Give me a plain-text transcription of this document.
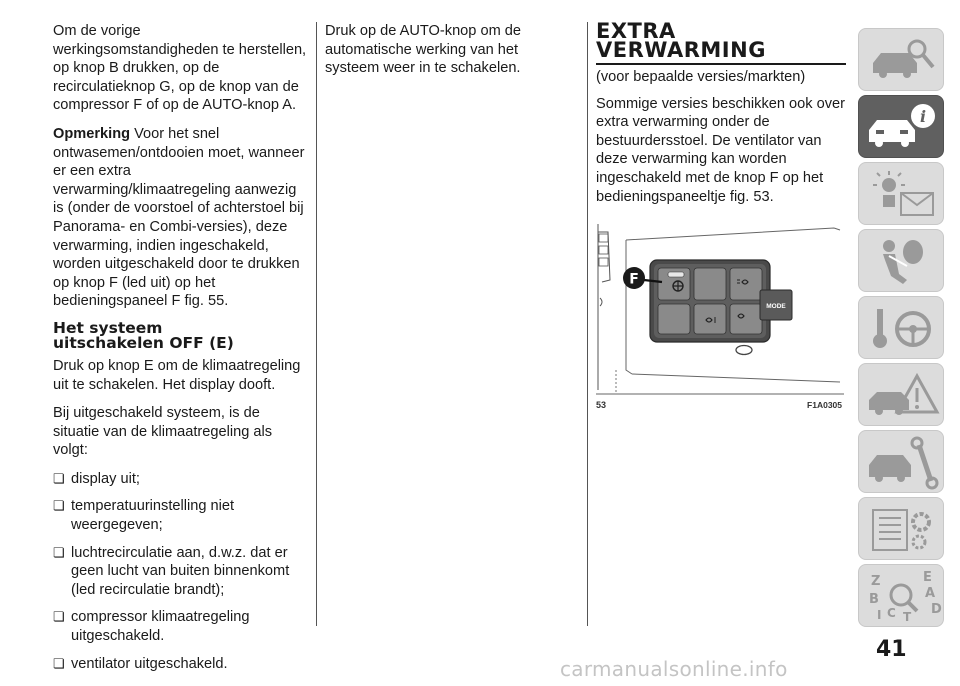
Om de vorige werkingsomstandigheden te herstellen, op knop B drukken, op de recirculatieknop G, op de knop van de compressor F of op de AUTO-knop A.

Opmerking Voor het snel ontwasemen/ontdooien moet, wanneer er een extra verwarming/klimaatregeling aanwezig is (onder de voorstoel of achterstoel bij Panorama- en Combi-versies), deze verwarming, indien ingeschakeld, worden uitgeschakeld door te drukken op knop F (led uit) op het bedieningspaneel F fig. 55.

Het systeem
uitschakelen OFF (E)

Druk op knop E om de klimaatregeling uit te schakelen. Het display dooft.

Bij uitgeschakeld systeem, is de situatie van de klimaatregeling als volgt:

❏ display uit;
❏ temperatuurinstelling niet weergegeven;
❏ luchtrecirculatie aan, d.w.z. dat er geen lucht van buiten binnenkomt (led recirculatie brandt);
❏ compressor klimaatregeling uitgeschakeld.
❏ ventilator uitgeschakeld.

Druk op de AUTO-knop om de automatische werking van het systeem weer in te schakelen.

EXTRA
VERWARMING

(voor bepaalde versies/markten)

Sommige versies beschikken ook over extra verwarming onder de bestuurdersstoel. De ventilator van deze verwarming kan worden ingeschakeld met de knop F op het bedieningspaneeltje fig. 53.

MODE
F
53	F1A0305
i
Z	E
A
B
C	D
I T
41
carmanualsonline.info
